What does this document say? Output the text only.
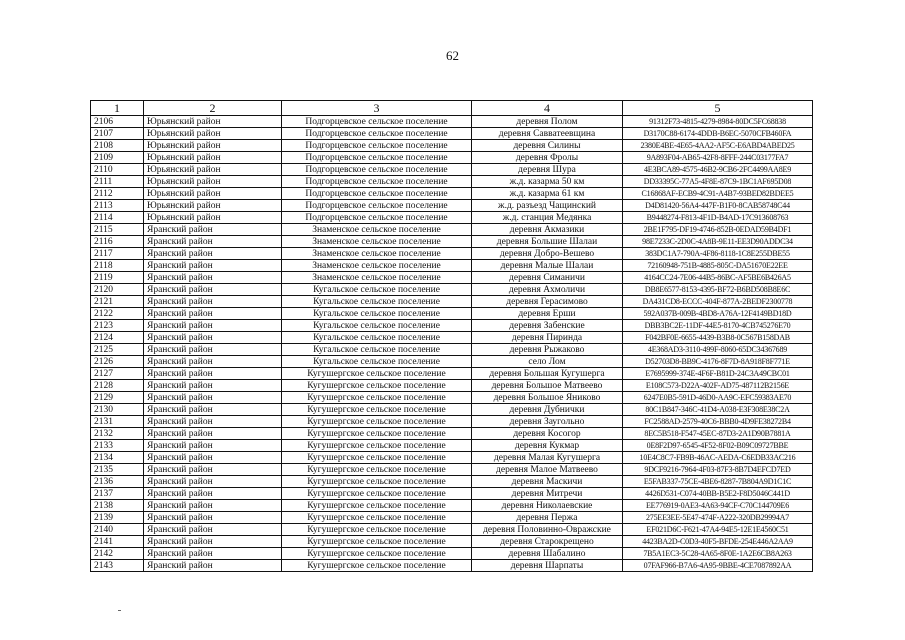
62
1	2	3	4	5
2106	Юрьянский район	Подгорцевское сельское поселение	деревня Полом	91312F73-4815-4279-8984-80DC5FC68838
2107	Юрьянский район	Подгорцевское сельское поселение	деревня Савватеевщина	D3170C88-6174-4DDB-B6EC-5070CFB460FA
2108	Юрьянский район	Подгорцевское сельское поселение	деревня Силины	2380E4BE-4E65-4AA2-AF5C-E6ABD4ABED25
2109	Юрьянский район	Подгорцевское сельское поселение	деревня Фролы	9A893F04-AB65-42F8-8FFF-244C03177FA7
2110	Юрьянский район	Подгорцевское сельское поселение	деревня Шура	4E3BCA89-4575-46B2-9CB6-2FC4499AA8E9
2111	Юрьянский район	Подгорцевское сельское поселение	ж.д. казарма 50 км	DD33395C-77A5-4F8E-87C9-1BC1AF695D08
2112	Юрьянский район	Подгорцевское сельское поселение	ж.д. казарма 61 км	C16868AF-ECB9-4C91-A4B7-93BED82BDEE5
2113	Юрьянский район	Подгорцевское сельское поселение	ж.д. разъезд Чащинский	D4D81420-56A4-447F-B1F0-8CAB58748C44
2114	Юрьянский район	Подгорцевское сельское поселение	ж.д. станция Медянка	B9448274-F813-4F1D-B4AD-17C913608763
2115	Яранский район	Знаменское сельское поселение	деревня Акмазики	2BE1F795-DF19-4746-852B-0EDAD59B4DF1
2116	Яранский район	Знаменское сельское поселение	деревня Большие Шалаи	98E7233C-2D0C-4A8B-9E11-EE3D90ADDC34
2117	Яранский район	Знаменское сельское поселение	деревня Добро-Вешево	383DC1A7-790A-4F86-8118-1C8E255DBE55
2118	Яранский район	Знаменское сельское поселение	деревня Малые Шалаи	72160948-751B-4885-805C-DA51670E22EE
2119	Яранский район	Знаменское сельское поселение	деревня Симаничи	4164CC24-7E06-44B5-86BC-AF5BE6B426A5
2120	Яранский район	Кугальское сельское поселение	деревня Ахмоличи	DB8E6577-8153-4395-BF72-B6BD508B8E6C
2121	Яранский район	Кугальское сельское поселение	деревня Герасимово	DA431CD8-ECCC-404F-877A-2BEDF2300778
2122	Яранский район	Кугальское сельское поселение	деревня Ерши	592A037B-009B-4BD8-A76A-12F4149BD18D
2123	Яранский район	Кугальское сельское поселение	деревня Забенские	DBB3BC2E-11DF-44E5-8170-4CB745276E70
2124	Яранский район	Кугальское сельское поселение	деревня Пиринда	F042BF0E-6655-4439-B3B8-0C567B158DAB
2125	Яранский район	Кугальское сельское поселение	деревня Рыжаково	4E368AD3-3110-499F-8060-65DC34367689
2126	Яранский район	Кугальское сельское поселение	село Лом	D52703D8-BB9C-4176-8F7D-8A918F8F771E
2127	Яранский район	Кугушергское сельское поселение	деревня Большая Кугушерга	E7695999-374E-4F6F-B81D-24C3A49CBC01
2128	Яранский район	Кугушергское сельское поселение	деревня Большое Матвеево	E108C573-D22A-402F-AD75-487112B2156E
2129	Яранский район	Кугушергское сельское поселение	деревня Большое Яниково	6247E0B5-591D-46D0-AA9C-EFC59383AE70
2130	Яранский район	Кугушергское сельское поселение	деревня Дубнички	80C1B847-346C-41D4-A038-E3F308E38C2A
2131	Яранский район	Кугушергское сельское поселение	деревня Заугольно	FC2588AD-2579-40C6-BBB0-4D9FE38272B4
2132	Яранский район	Кугушергское сельское поселение	деревня Косогор	8EC5B518-F547-45EC-87D3-2A1D90B7881A
2133	Яранский район	Кугушергское сельское поселение	деревня Кукмар	0E8F2D97-6545-4F52-8F02-B09C09727BBE
2134	Яранский район	Кугушергское сельское поселение	деревня Малая Кугушерга	10E4C8C7-FB9B-46AC-AEDA-C6EDB33AC216
2135	Яранский район	Кугушергское сельское поселение	деревня Малое Матвеево	9DCF9216-7964-4F03-87F3-8B7D4EFCD7ED
2136	Яранский район	Кугушергское сельское поселение	деревня Маскичи	E5FAB337-75CE-4BE6-8287-7B804A9D1C1C
2137	Яранский район	Кугушергское сельское поселение	деревня Митречи	4426D531-C074-40BB-B5E2-F8D5046C441D
2138	Яранский район	Кугушергское сельское поселение	деревня Николаевские	EE776919-0AE3-4A63-94CF-C70C144709E6
2139	Яранский район	Кугушергское сельское поселение	деревня Пержа	275EE3EE-5E47-474F-A222-320DB29994A7
2140	Яранский район	Кугушергское сельское поселение	деревня Половинно-Овражские	EF021D6C-F621-47A4-94E5-12E1E4560C51
2141	Яранский район	Кугушергское сельское поселение	деревня Старокрещено	4423BA2D-C0D3-40F5-BFDE-254E446A2AA9
2142	Яранский район	Кугушергское сельское поселение	деревня Шабалино	7B5A1EC3-5C28-4A65-8F0E-1A2E6CB8A263
2143	Яранский район	Кугушергское сельское поселение	деревня Шарпаты	07FAF966-B7A6-4A95-9BBE-4CE7087892AA
